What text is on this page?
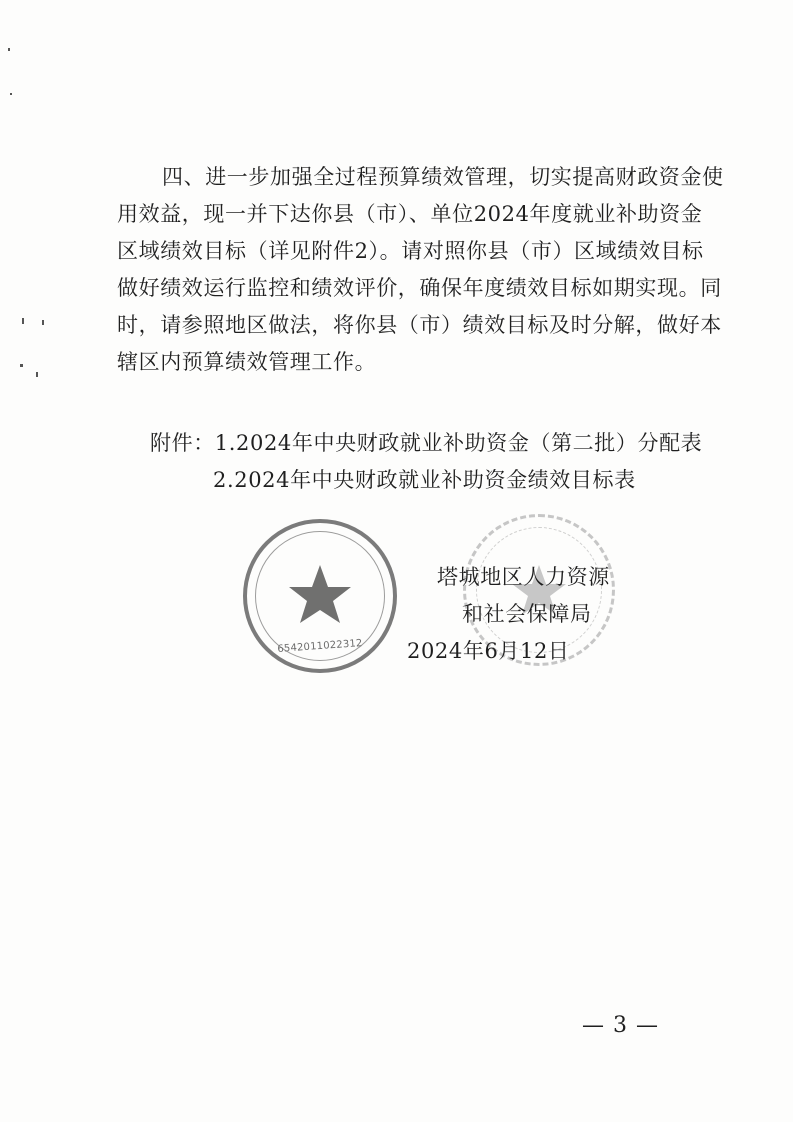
四、进一步加强全过程预算绩效管理，切实提高财政资金使
用效益，现一并下达你县（市）、单位2024年度就业补助资金
区域绩效目标（详见附件2）。请对照你县（市）区域绩效目标
做好绩效运行监控和绩效评价，确保年度绩效目标如期实现。同
时，请参照地区做法，将你县（市）绩效目标及时分解，做好本
辖区内预算绩效管理工作。
附件：1.2024年中央财政就业补助资金（第二批）分配表
2.2024年中央财政就业补助资金绩效目标表
6542011022312
塔城地区人力资源
和社会保障局
2024年6月12日
— 3 —
